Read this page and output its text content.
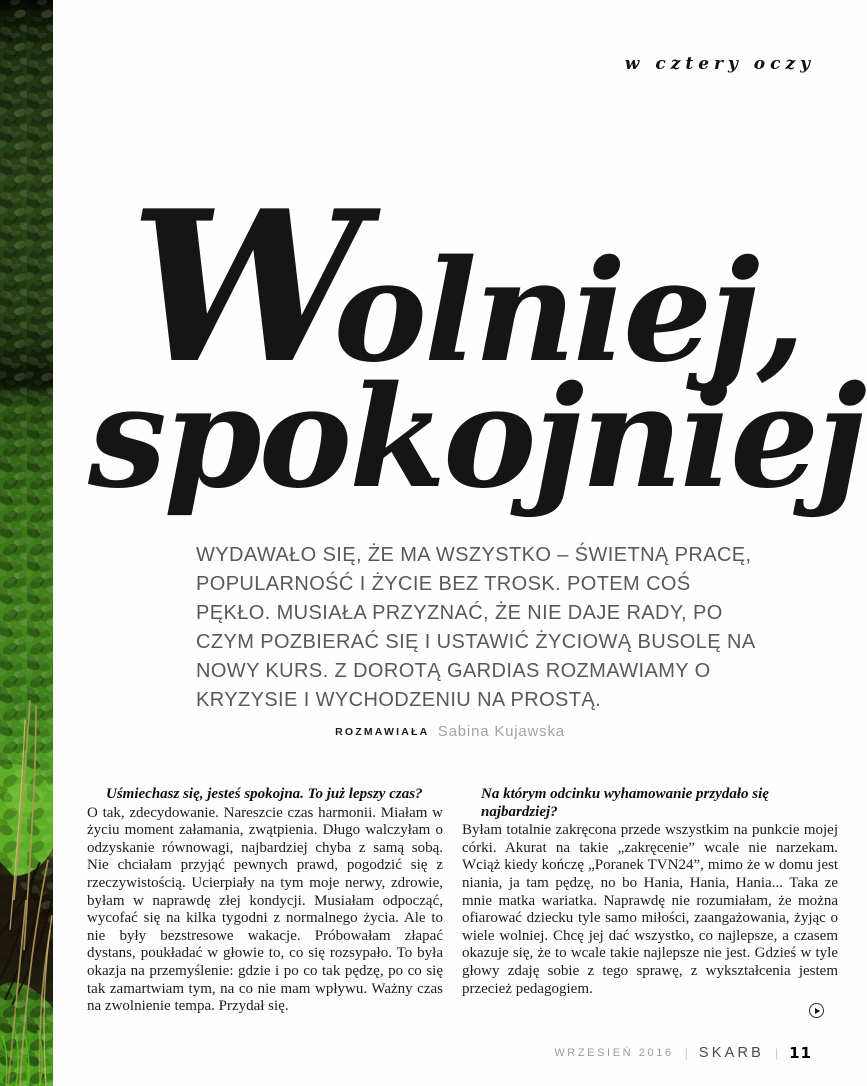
w cztery oczy
W
olniej,
spokojniej
WYDAWAŁO SIĘ, ŻE MA WSZYSTKO – ŚWIETNĄ PRACĘ, POPULARNOŚĆ I ŻYCIE BEZ TROSK. POTEM COŚ PĘKŁO. MUSIAŁA PRZYZNAĆ, ŻE NIE DAJE RADY, PO CZYM POZBIERAĆ SIĘ I USTAWIĆ ŻYCIOWĄ BUSOLĘ NA NOWY KURS. Z DOROTĄ GARDIAS ROZMAWIAMY O KRYZYSIE I WYCHODZENIU NA PROSTĄ.
ROZMAWIAŁA Sabina Kujawska

Uśmiechasz się, jesteś spokojna. To już lepszy czas?

O tak, zdecydowanie. Nareszcie czas harmonii. Miałam w życiu moment załamania, zwątpienia. Długo walczyłam o odzyskanie równowagi, najbardziej chyba z samą sobą. Nie chciałam przyjąć pewnych prawd, pogodzić się z rzeczywistością. Ucierpiały na tym moje nerwy, zdrowie, byłam w naprawdę złej kondycji. Musiałam odpocząć, wycofać się na kilka tygodni z normalnego życia. Ale to nie były bezstresowe wakacje. Próbowałam złapać dystans, poukładać w głowie to, co się rozsypało. To była okazja na przemyślenie: gdzie i po co tak pędzę, po co się tak zamartwiam tym, na co nie mam wpływu. Ważny czas na zwolnienie tempa. Przydał się.

Na którym odcinku wyhamowanie przydało się najbardziej?

Byłam totalnie zakręcona przede wszystkim na punkcie mojej córki. Akurat na takie „zakręcenie” wcale nie narzekam. Wciąż kiedy kończę „Poranek TVN24”, mimo że w domu jest niania, ja tam pędzę, no bo Hania, Hania, Hania... Taka ze mnie matka wariatka. Naprawdę nie rozumiałam, że można ofiarować dziecku tyle samo miłości, zaangażowania, żyjąc o wiele wolniej. Chcę jej dać wszystko, co najlepsze, a czasem okazuje się, że to wcale takie najlepsze nie jest. Gdzieś w tyle głowy zdaję sobie z tego sprawę, z wykształcenia jestem przecież pedagogiem.

WRZESIEŃ 2016 | SKARB | 11
